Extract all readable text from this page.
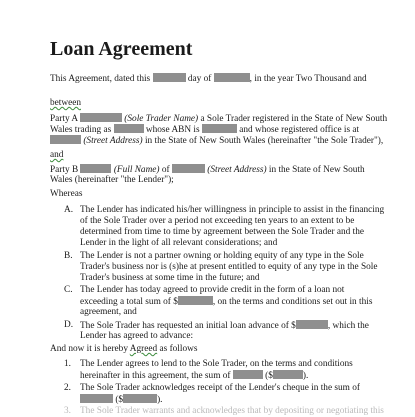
Loan Agreement
This Agreement, dated this	day of	, in the year Two Thousand and
between
Party A	(Sole Trader Name) a Sole Trader registered in the State of New South
Wales trading as	whose ABN is	and whose registered office is at
(Street Address) in the State of New South Wales (hereinafter "the Sole Trader"),
and
Party B	(Full Name) of	(Street Address) in the State of New South
Wales (hereinafter "the Lender");
Whereas
A. The Lender has indicated his/her willingness in principle to assist in the financing
of the Sole Trader over a period not exceeding ten years to an extent to be
determined from time to time by agreement between the Sole Trader and the
Lender in the light of all relevant considerations; and
B. The Lender is not a partner owning or holding equity of any type in the Sole
Trader's business nor is (s)he at present entitled to equity of any type in the Sole
Trader's business at some time in the future; and
C. The Lender has today agreed to provide credit in the form of a loan not
exceeding a total sum of $	, on the terms and conditions set out in this
agreement, and
D. The Sole Trader has requested an initial loan advance of $	, which the
Lender has agreed to advance:
And now it is hereby Agreed as follows
1. The Lender agrees to lend to the Sole Trader, on the terms and conditions
hereinafter in this agreement, the sum of	($	).
2. The Sole Trader acknowledges receipt of the Lender's cheque in the sum of
($	).
3. The Sole Trader warrants and acknowledges that by depositing or negotiating this
